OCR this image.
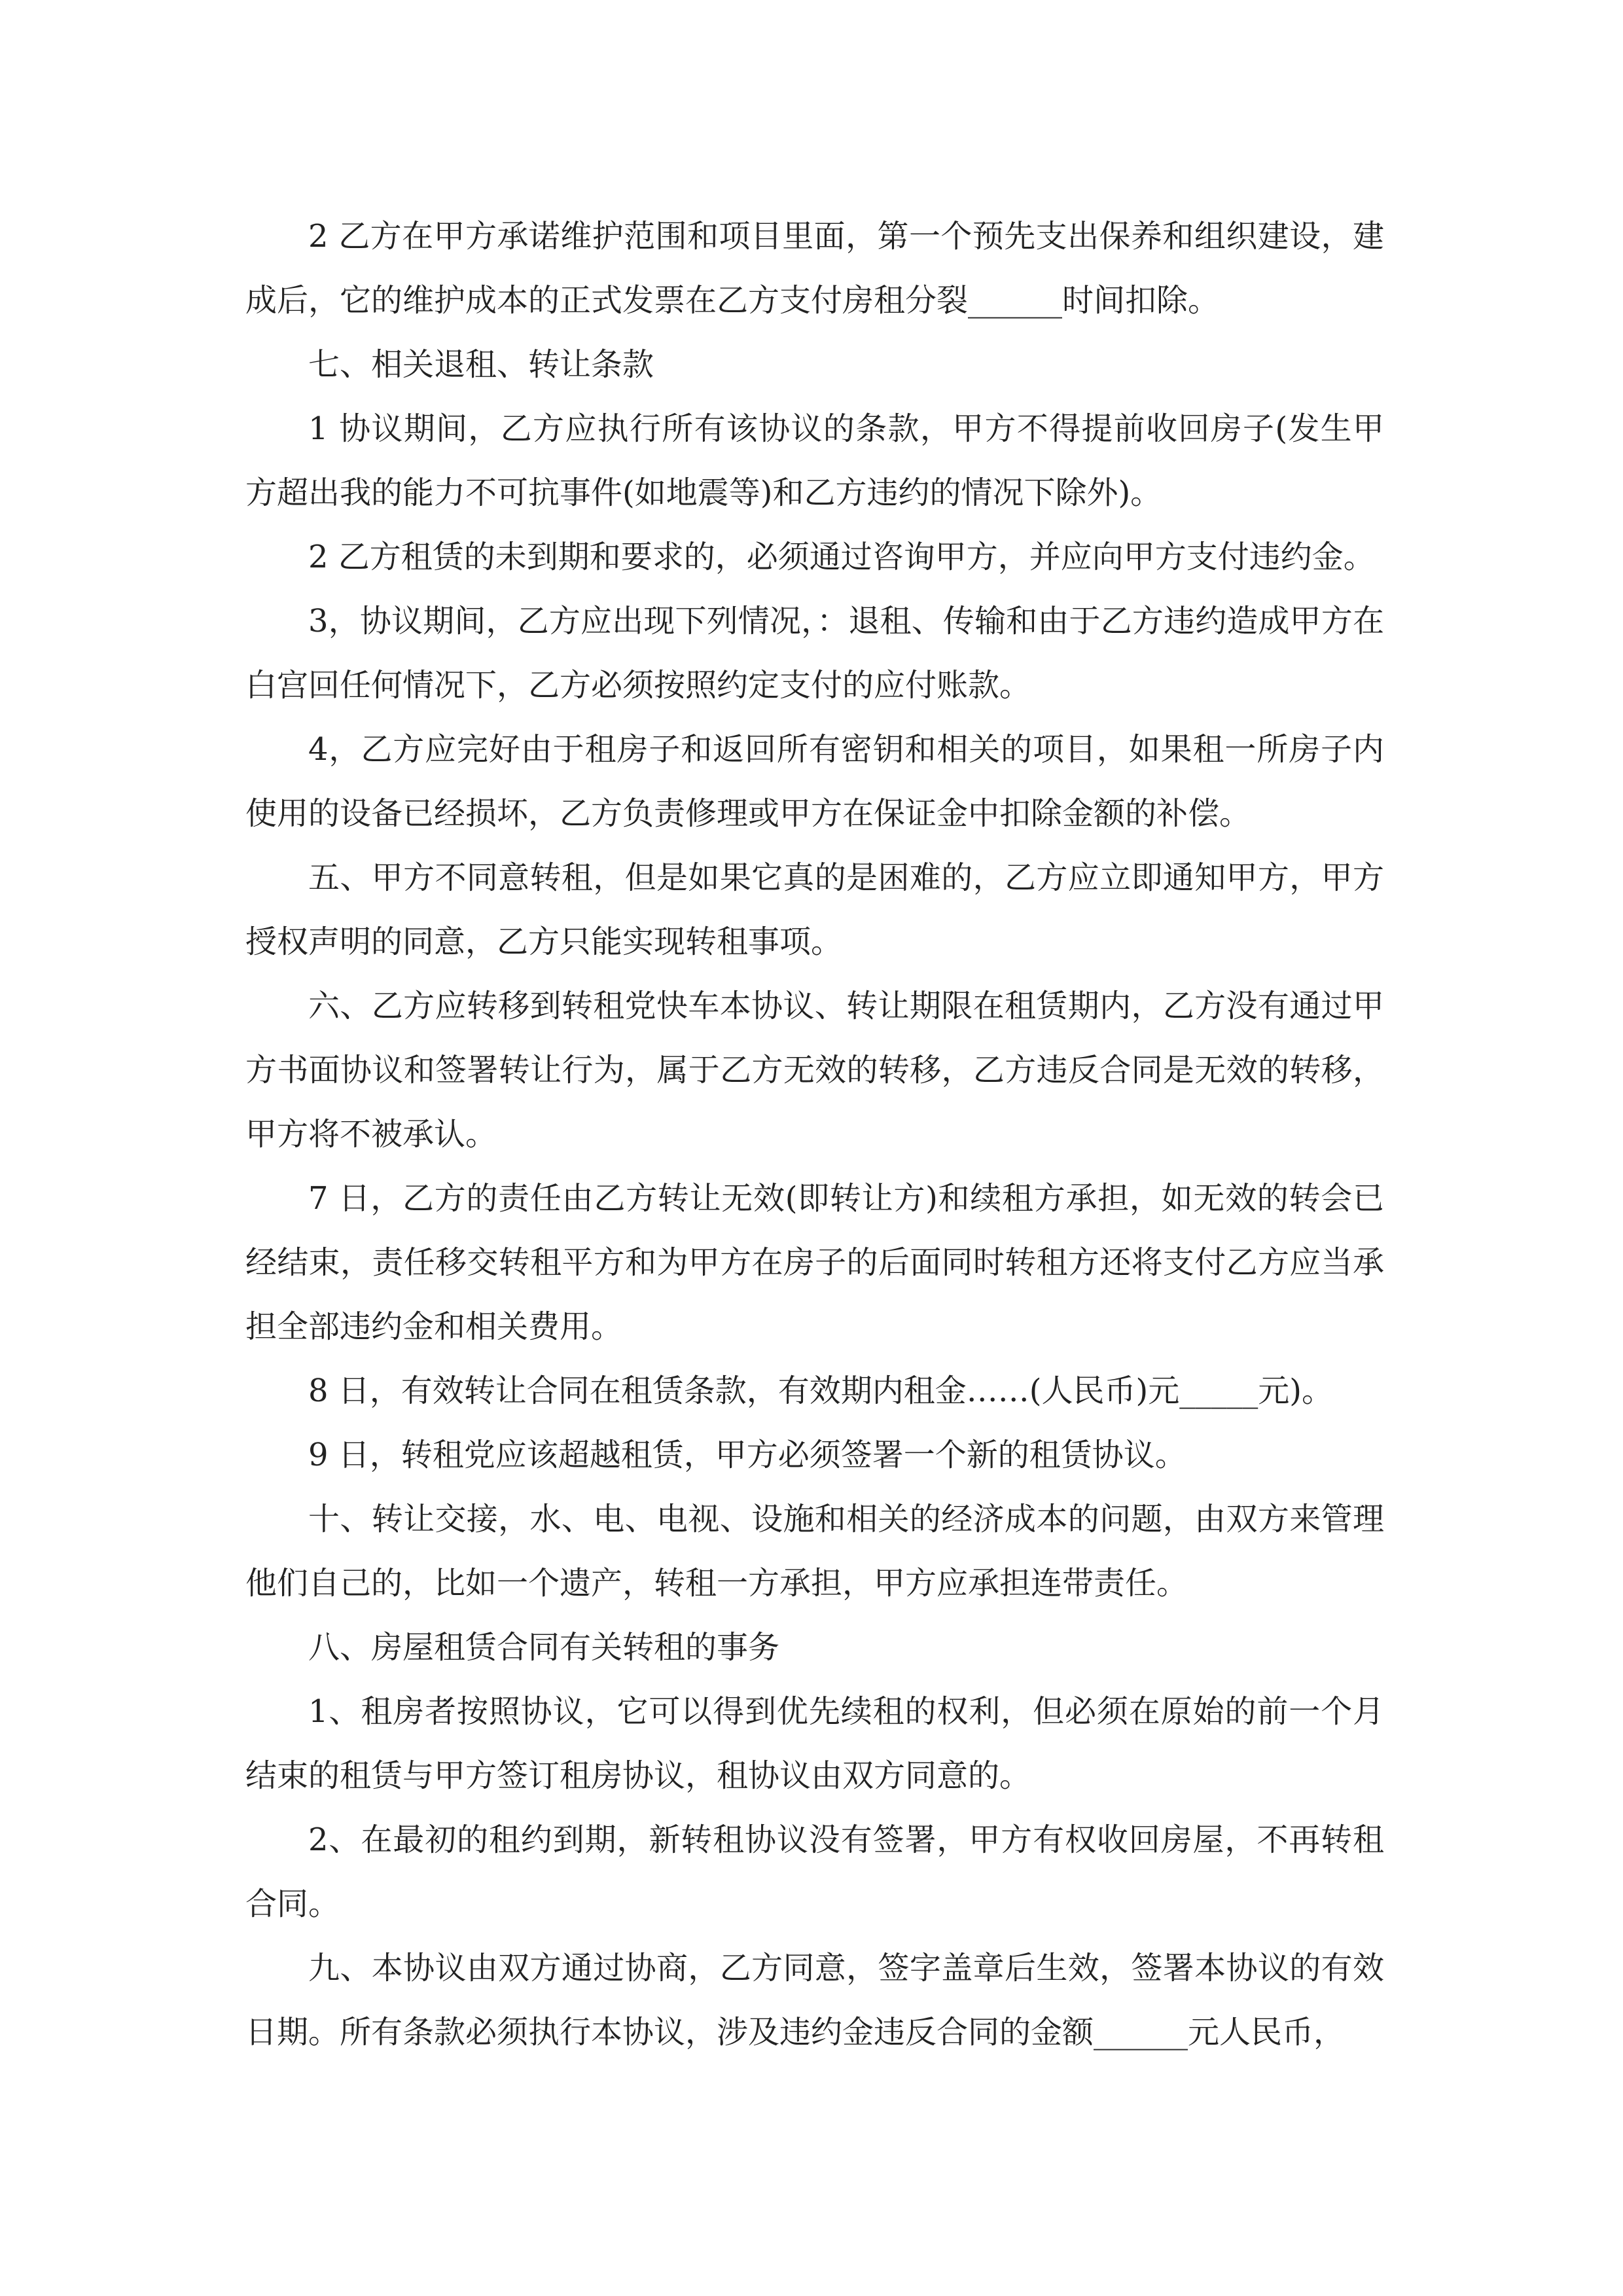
2 乙方在甲方承诺维护范围和项目里面，第一个预先支出保养和组织建设，建成后，它的维护成本的正式发票在乙方支付房租分裂______时间扣除。

七、相关退租、转让条款

1 协议期间，乙方应执行所有该协议的条款，甲方不得提前收回房子(发生甲方超出我的能力不可抗事件(如地震等)和乙方违约的情况下除外)。

2 乙方租赁的未到期和要求的，必须通过咨询甲方，并应向甲方支付违约金。

3，协议期间，乙方应出现下列情况，：退租、传输和由于乙方违约造成甲方在白宫回任何情况下，乙方必须按照约定支付的应付账款。

4，乙方应完好由于租房子和返回所有密钥和相关的项目，如果租一所房子内使用的设备已经损坏，乙方负责修理或甲方在保证金中扣除金额的补偿。

五、甲方不同意转租，但是如果它真的是困难的，乙方应立即通知甲方，甲方授权声明的同意，乙方只能实现转租事项。

六、乙方应转移到转租党快车本协议、转让期限在租赁期内，乙方没有通过甲方书面协议和签署转让行为，属于乙方无效的转移，乙方违反合同是无效的转移，甲方将不被承认。

7 日，乙方的责任由乙方转让无效(即转让方)和续租方承担，如无效的转会已经结束，责任移交转租平方和为甲方在房子的后面同时转租方还将支付乙方应当承担全部违约金和相关费用。

8 日，有效转让合同在租赁条款，有效期内租金……(人民币)元_____元)。

9 日，转租党应该超越租赁，甲方必须签署一个新的租赁协议。

十、转让交接，水、电、电视、设施和相关的经济成本的问题，由双方来管理他们自己的，比如一个遗产，转租一方承担，甲方应承担连带责任。

八、房屋租赁合同有关转租的事务

1、租房者按照协议，它可以得到优先续租的权利，但必须在原始的前一个月结束的租赁与甲方签订租房协议，租协议由双方同意的。

2、在最初的租约到期，新转租协议没有签署，甲方有权收回房屋，不再转租合同。

九、本协议由双方通过协商，乙方同意，签字盖章后生效，签署本协议的有效日期。所有条款必须执行本协议，涉及违约金违反合同的金额______元人民币，
